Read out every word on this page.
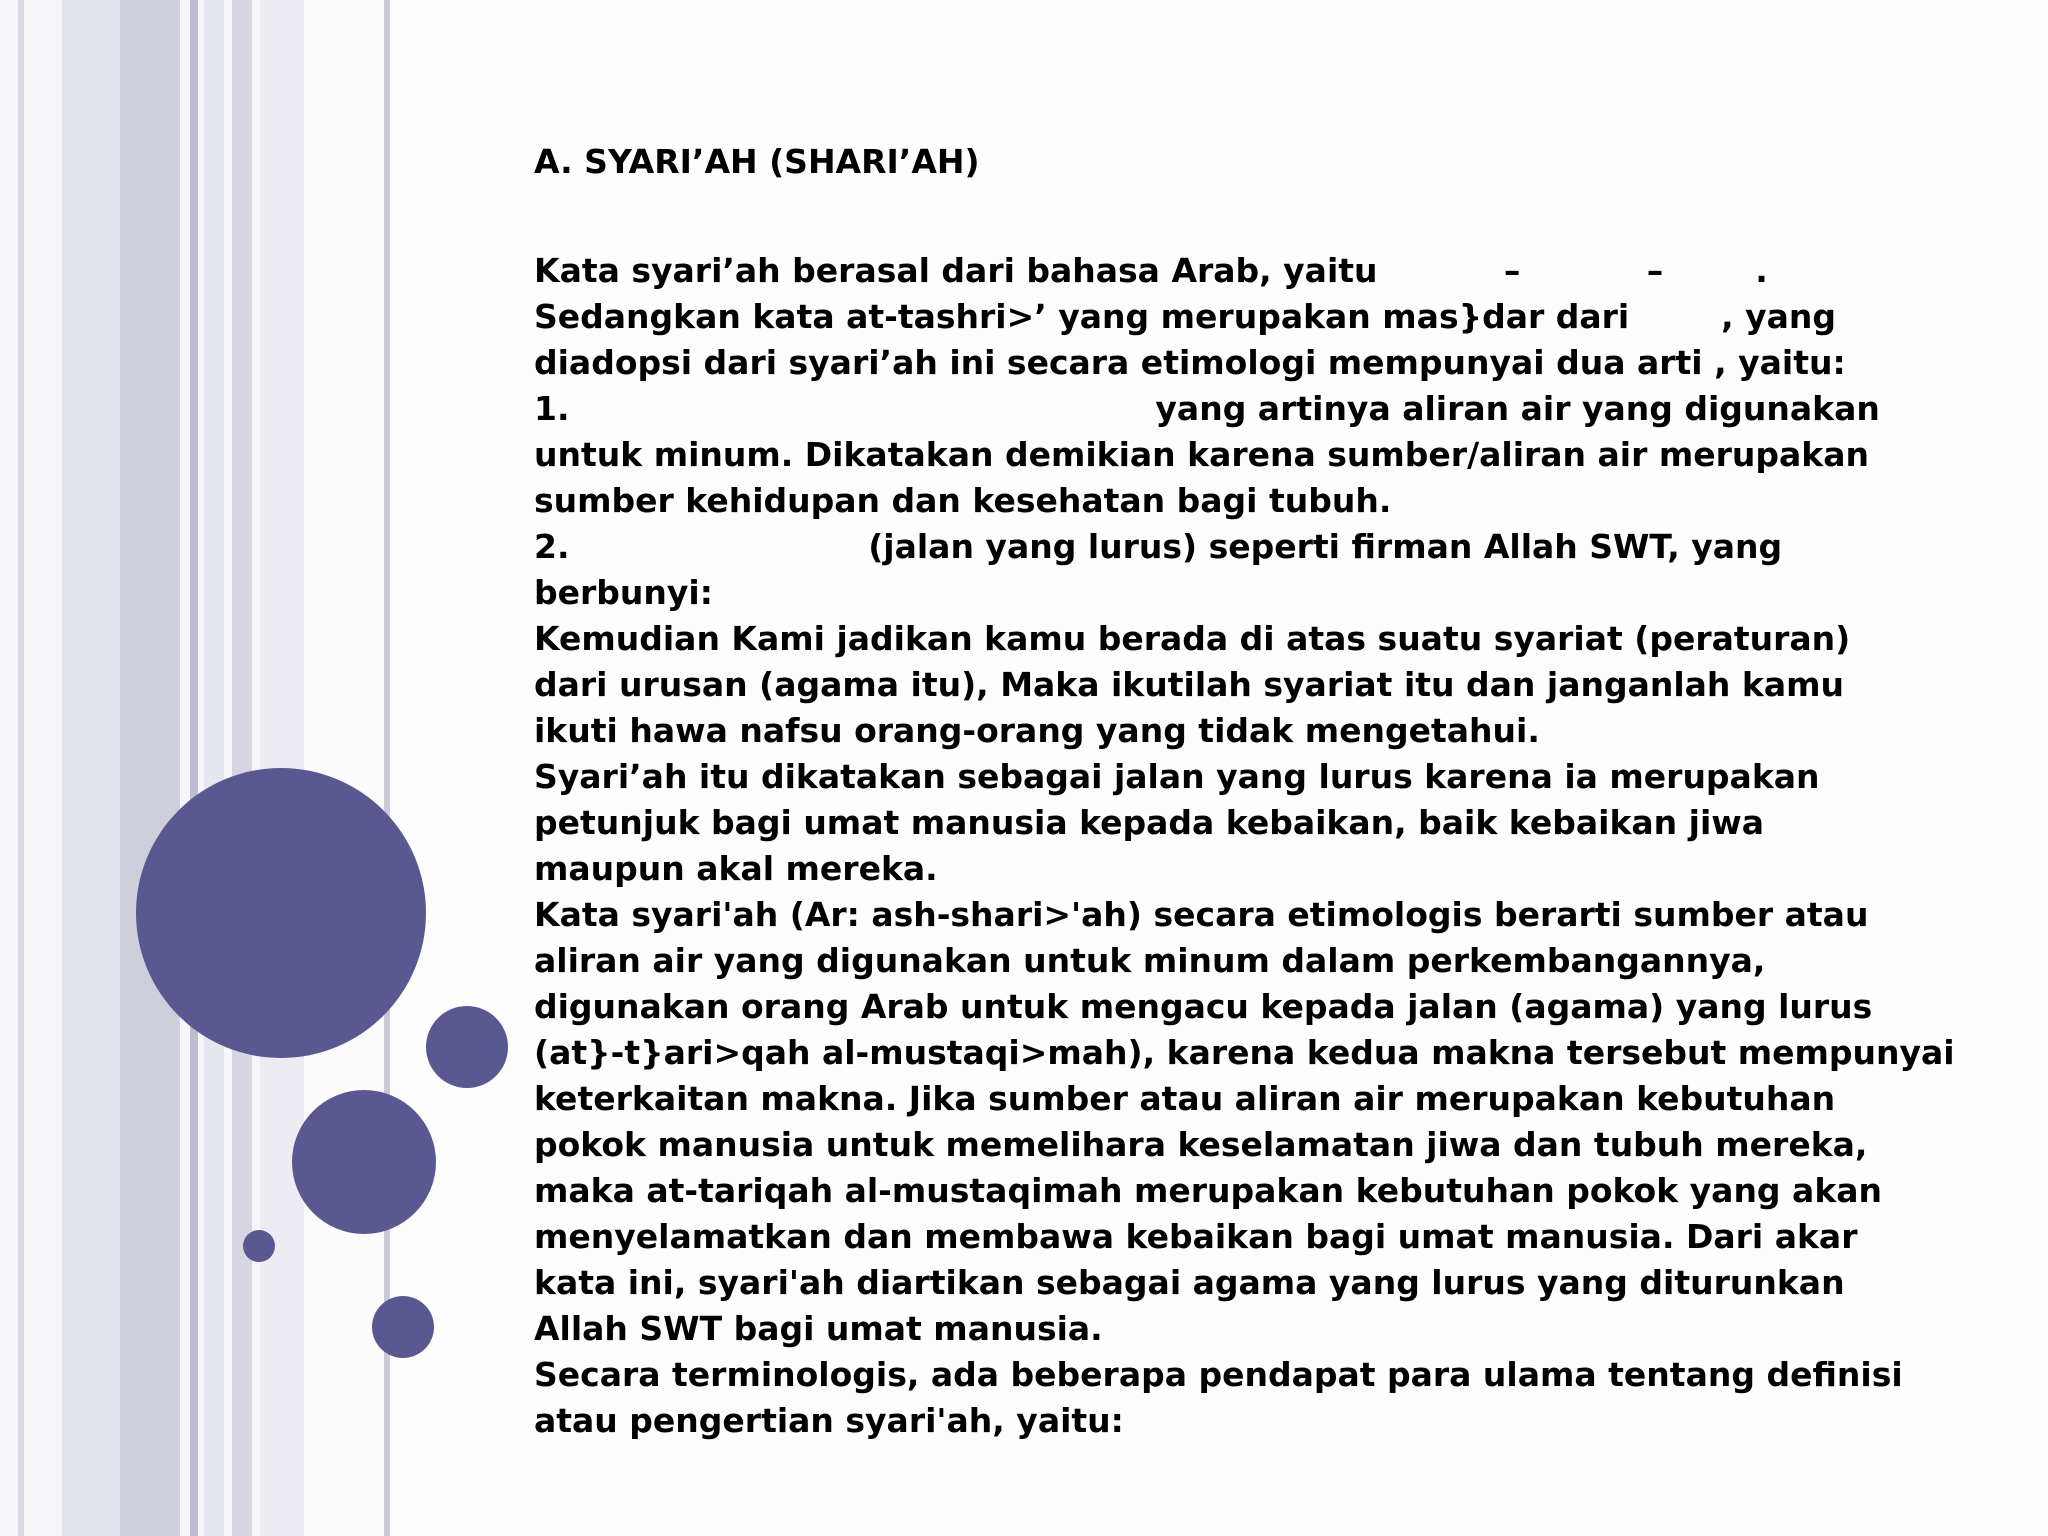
A. SYARI’AH (SHARI’AH)

Kata syari’ah berasal dari bahasa Arab, yaitu           –           –        .

Sedangkan kata at-tashri>’ yang merupakan mas}dar dari        , yang

diadopsi dari syari’ah ini secara etimologi mempunyai dua arti , yaitu:

1.                                                   yang artinya aliran air yang digunakan

untuk minum. Dikatakan demikian karena sumber/aliran air merupakan

sumber kehidupan dan kesehatan bagi tubuh.

2.                          (jalan yang lurus) seperti firman Allah SWT, yang

berbunyi:

Kemudian Kami jadikan kamu berada di atas suatu syariat (peraturan)

dari urusan (agama itu), Maka ikutilah syariat itu dan janganlah kamu

ikuti hawa nafsu orang-orang yang tidak mengetahui.

Syari’ah itu dikatakan sebagai jalan yang lurus karena ia merupakan

petunjuk bagi umat manusia kepada kebaikan, baik kebaikan jiwa

maupun akal mereka.

Kata syari'ah (Ar: ash-shari>'ah) secara etimologis berarti sumber atau

aliran air yang digunakan untuk minum dalam perkembangannya,

digunakan orang Arab untuk mengacu kepada jalan (agama) yang lurus

(at}-t}ari>qah al-mustaqi>mah), karena kedua makna tersebut mempunyai

keterkaitan makna. Jika sumber atau aliran air merupakan kebutuhan

pokok manusia untuk memelihara keselamatan jiwa dan tubuh mereka,

maka at-tariqah al-mustaqimah merupakan kebutuhan pokok yang akan

menyelamatkan dan membawa kebaikan bagi umat manusia. Dari akar

kata ini, syari'ah diartikan sebagai agama yang lurus yang diturunkan

Allah SWT bagi umat manusia.

Secara terminologis, ada beberapa pendapat para ulama tentang definisi

atau pengertian syari'ah, yaitu:
